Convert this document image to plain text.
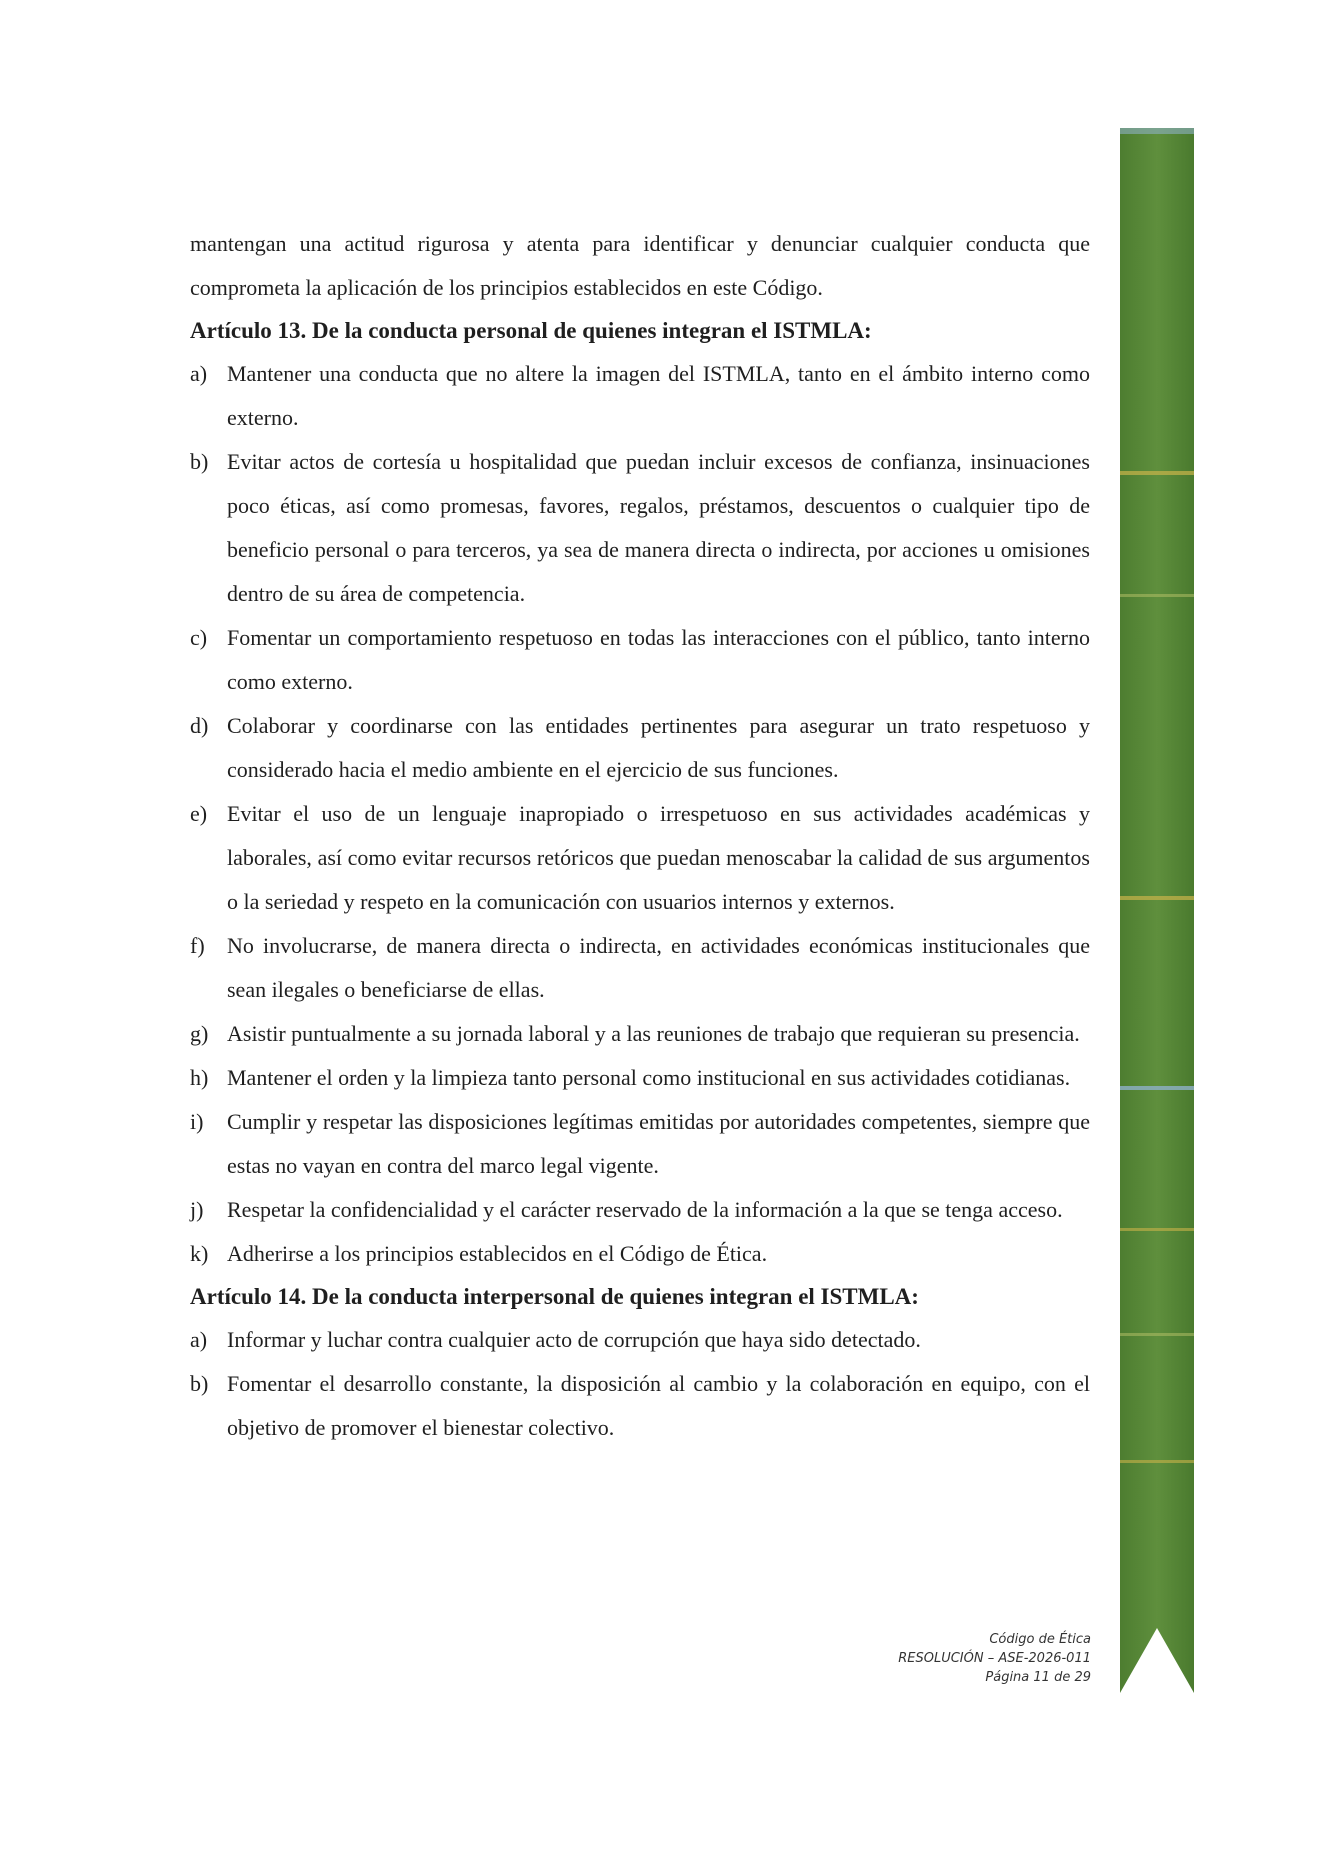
mantengan una actitud rigurosa y atenta para identificar y denunciar cualquier conducta que comprometa la aplicación de los principios establecidos en este Código.

Artículo 13. De la conducta personal de quienes integran el ISTMLA:
a) Mantener una conducta que no altere la imagen del ISTMLA, tanto en el ámbito interno como externo.
b) Evitar actos de cortesía u hospitalidad que puedan incluir excesos de confianza, insinuaciones poco éticas, así como promesas, favores, regalos, préstamos, descuentos o cualquier tipo de beneficio personal o para terceros, ya sea de manera directa o indirecta, por acciones u omisiones dentro de su área de competencia.
c) Fomentar un comportamiento respetuoso en todas las interacciones con el público, tanto interno como externo.
d) Colaborar y coordinarse con las entidades pertinentes para asegurar un trato respetuoso y considerado hacia el medio ambiente en el ejercicio de sus funciones.
e) Evitar el uso de un lenguaje inapropiado o irrespetuoso en sus actividades académicas y laborales, así como evitar recursos retóricos que puedan menoscabar la calidad de sus argumentos o la seriedad y respeto en la comunicación con usuarios internos y externos.
f) No involucrarse, de manera directa o indirecta, en actividades económicas institucionales que sean ilegales o beneficiarse de ellas.
g) Asistir puntualmente a su jornada laboral y a las reuniones de trabajo que requieran su presencia.
h) Mantener el orden y la limpieza tanto personal como institucional en sus actividades cotidianas.
i) Cumplir y respetar las disposiciones legítimas emitidas por autoridades competentes, siempre que estas no vayan en contra del marco legal vigente.
j) Respetar la confidencialidad y el carácter reservado de la información a la que se tenga acceso.
k) Adherirse a los principios establecidos en el Código de Ética.
Artículo 14. De la conducta interpersonal de quienes integran el ISTMLA:
a) Informar y luchar contra cualquier acto de corrupción que haya sido detectado.
b) Fomentar el desarrollo constante, la disposición al cambio y la colaboración en equipo, con el objetivo de promover el bienestar colectivo.
Código de Ética
RESOLUCIÓN – ASE-2026-011
Página 11 de 29
